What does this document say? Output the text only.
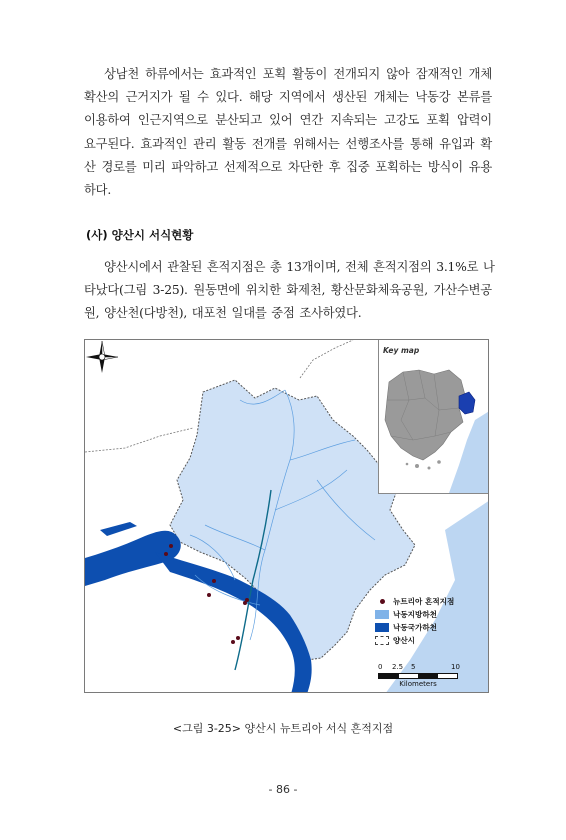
상남천 하류에서는 효과적인 포획 활동이 전개되지 않아 잠재적인 개체
확산의 근거지가 될 수 있다. 해당 지역에서 생산된 개체는 낙동강 본류를
이용하여 인근지역으로 분산되고 있어 연간 지속되는 고강도 포획 압력이
요구된다. 효과적인 관리 활동 전개를 위해서는 선행조사를 통해 유입과 확
산 경로를 미리 파악하고 선제적으로 차단한 후 집중 포획하는 방식이 유용
하다.
(사) 양산시 서식현황
양산시에서 관찰된 흔적지점은 총 13개이며, 전체 흔적지점의 3.1%로 나
타났다(그림 3-25). 원동면에 위치한 화제천, 황산문화체육공원, 가산수변공
원, 양산천(다방천), 대포천 일대를 중점 조사하였다.
Key map
뉴트리아 흔적지점
낙동지방하천
낙동국가하천
양산시
0 2.5 5	10
Kilometers
<그림 3-25> 양산시 뉴트리아 서식 흔적지점
- 86 -
